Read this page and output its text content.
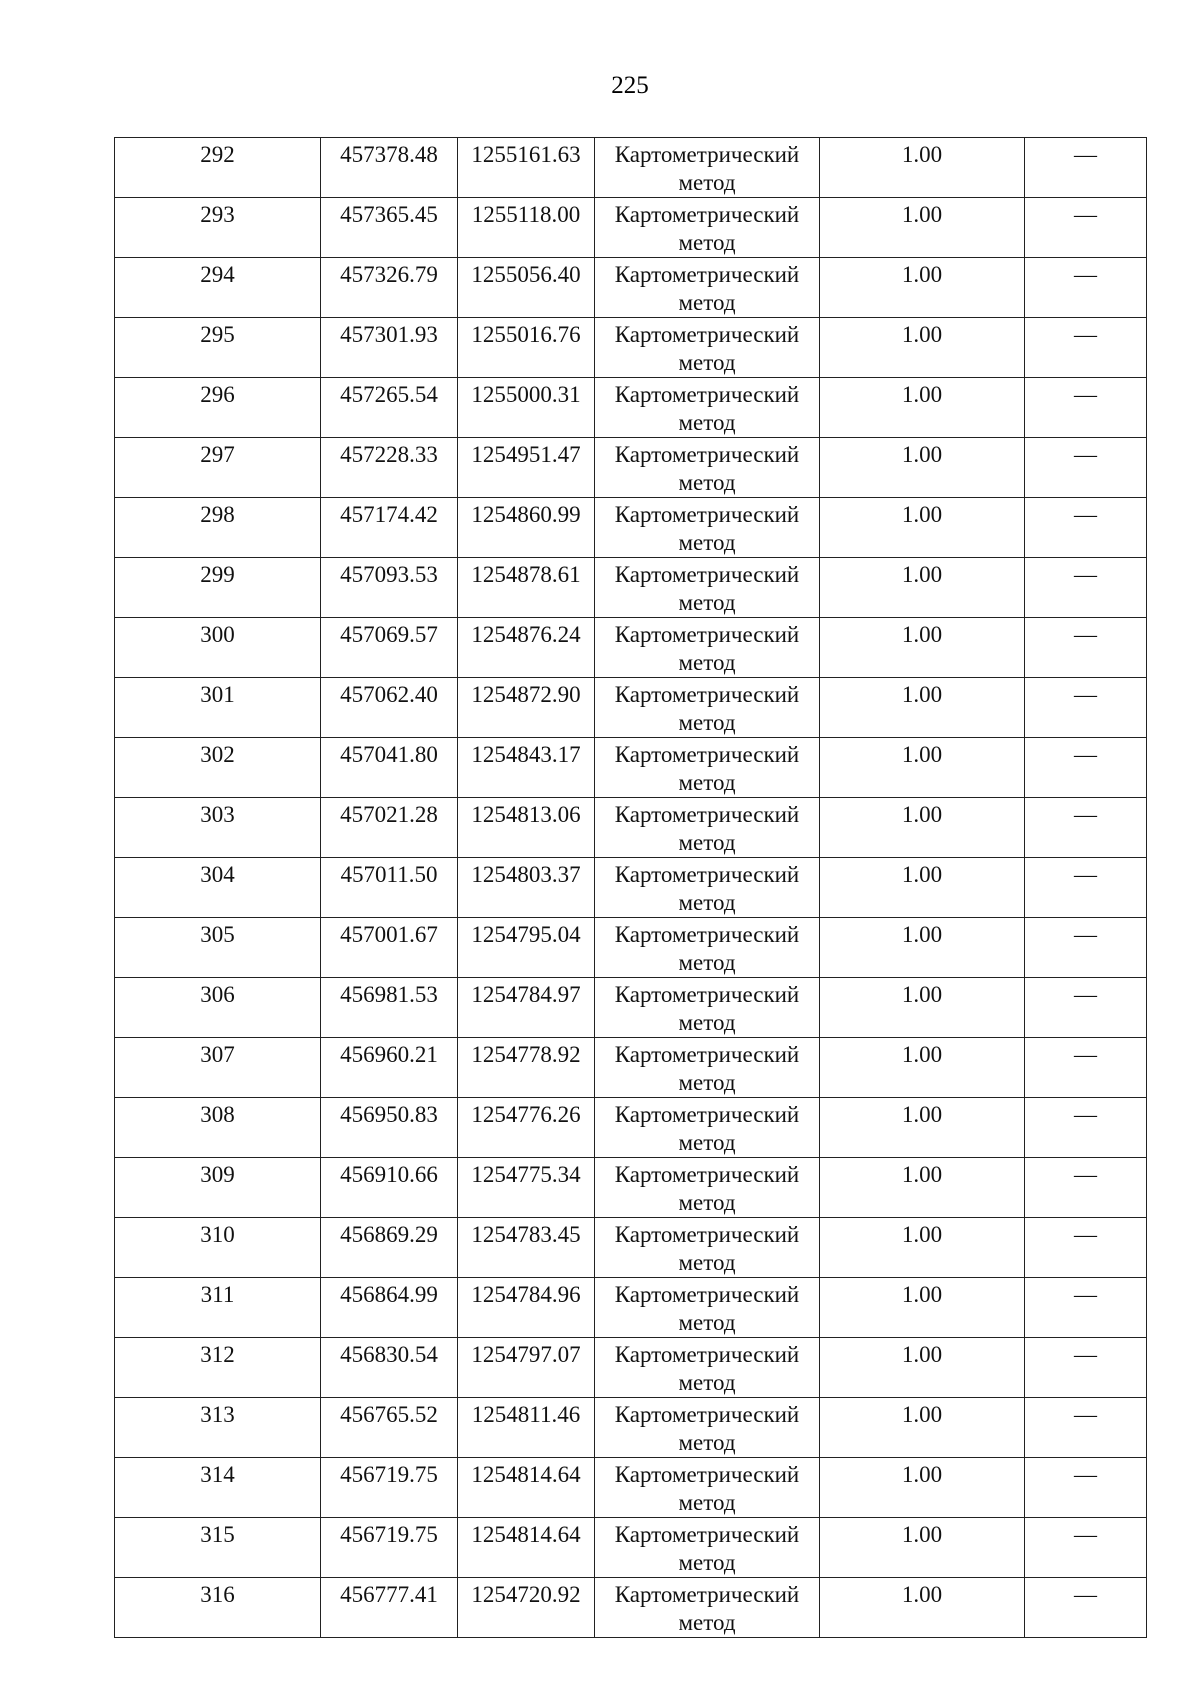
225
292	457378.48	1255161.63	Картометрический метод	1.00	—
293	457365.45	1255118.00	Картометрический метод	1.00	—
294	457326.79	1255056.40	Картометрический метод	1.00	—
295	457301.93	1255016.76	Картометрический метод	1.00	—
296	457265.54	1255000.31	Картометрический метод	1.00	—
297	457228.33	1254951.47	Картометрический метод	1.00	—
298	457174.42	1254860.99	Картометрический метод	1.00	—
299	457093.53	1254878.61	Картометрический метод	1.00	—
300	457069.57	1254876.24	Картометрический метод	1.00	—
301	457062.40	1254872.90	Картометрический метод	1.00	—
302	457041.80	1254843.17	Картометрический метод	1.00	—
303	457021.28	1254813.06	Картометрический метод	1.00	—
304	457011.50	1254803.37	Картометрический метод	1.00	—
305	457001.67	1254795.04	Картометрический метод	1.00	—
306	456981.53	1254784.97	Картометрический метод	1.00	—
307	456960.21	1254778.92	Картометрический метод	1.00	—
308	456950.83	1254776.26	Картометрический метод	1.00	—
309	456910.66	1254775.34	Картометрический метод	1.00	—
310	456869.29	1254783.45	Картометрический метод	1.00	—
311	456864.99	1254784.96	Картометрический метод	1.00	—
312	456830.54	1254797.07	Картометрический метод	1.00	—
313	456765.52	1254811.46	Картометрический метод	1.00	—
314	456719.75	1254814.64	Картометрический метод	1.00	—
315	456719.75	1254814.64	Картометрический метод	1.00	—
316	456777.41	1254720.92	Картометрический метод	1.00	—
